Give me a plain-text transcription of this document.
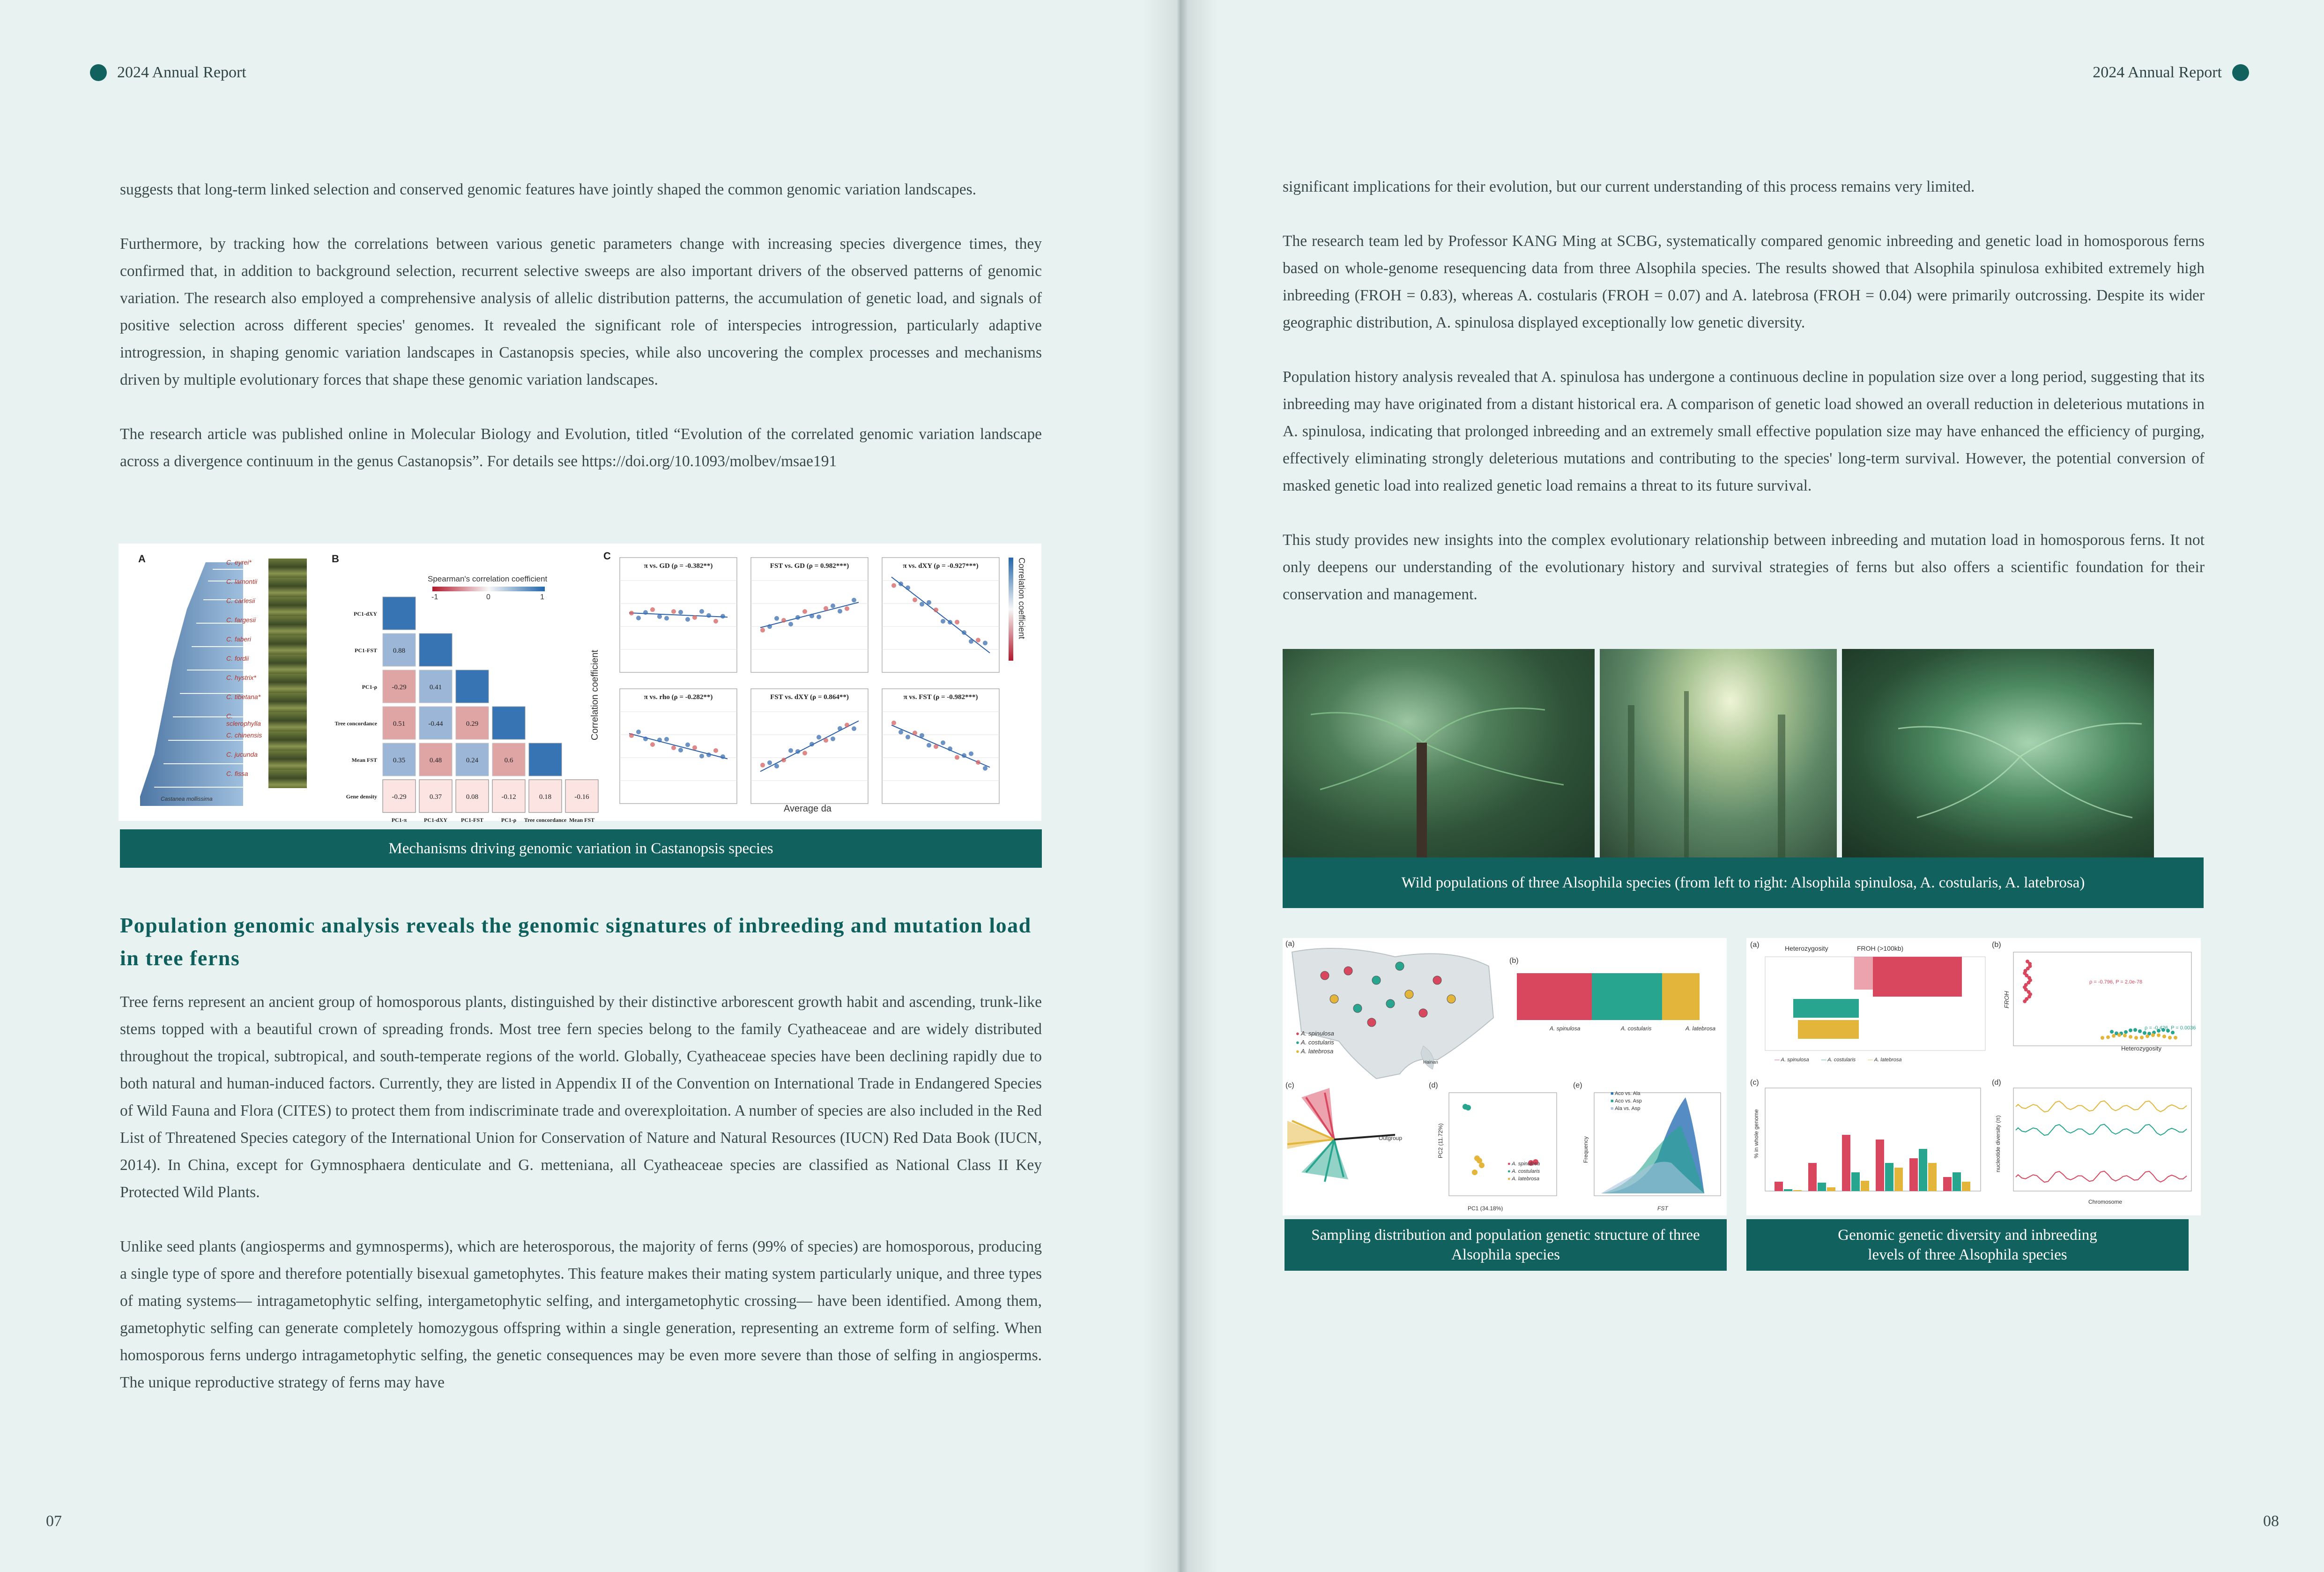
2024 Annual Report

suggests that long-term linked selection and conserved genomic features have jointly shaped the common genomic variation landscapes.

Furthermore, by tracking how the correlations between various genetic parameters change with increasing species divergence times, they confirmed that, in addition to background selection, recurrent selective sweeps are also important drivers of the observed patterns of genomic variation. The research also employed a comprehensive analysis of allelic distribution patterns, the accumulation of genetic load, and signals of positive selection across different species' genomes. It revealed the significant role of interspecies introgression, particularly adaptive introgression, in shaping genomic variation landscapes in Castanopsis species, while also uncovering the complex processes and mechanisms driven by multiple evolutionary forces that shape these genomic variation landscapes.

The research article was published online in Molecular Biology and Evolution, titled “Evolution of the correlated genomic variation landscape across a divergence continuum in the genus Castanopsis”. For details see https://doi.org/10.1093/molbev/msae191

A	B	C
C. eyrei*
C. lamontii
C. carlesii
C. fargesii
C. faberi
C. fordii
C. hystrix*
C. tibetana*
C. sclerophylla
C. chinensis
C. jucunda
C. fissa
Castanea mollissima
Spearman's correlation coefficient
-1	0	1
0.88
-0.29	0.41
0.51	-0.44	0.29
0.35	0.48	0.24	0.6
-0.29	0.37	0.08	-0.12	0.18	-0.16
PC1-dXY
PC1-FST
PC1-ρ
Tree concordance
Mean FST
Gene density
PC1-π	PC1-dXY PC1-FST	PC1-ρ Tree concordance Mean FST
π vs. GD (ρ = -0.382**)	FST vs. GD (ρ = 0.982***)	π vs. dXY (ρ = -0.927***)
π vs. rho (ρ = -0.282**)	FST vs. dXY (ρ = 0.864**)	π vs. FST (ρ = -0.982***)
Correlation coefficient
Average da
Correlation coefficient
Mechanisms driving genomic variation in Castanopsis species
Population genomic analysis reveals the genomic signatures of inbreeding and mutation load in tree ferns

Tree ferns represent an ancient group of homosporous plants, distinguished by their distinctive arborescent growth habit and ascending, trunk-like stems topped with a beautiful crown of spreading fronds. Most tree fern species belong to the family Cyatheaceae and are widely distributed throughout the tropical, subtropical, and south-temperate regions of the world. Globally, Cyatheaceae species have been declining rapidly due to both natural and human-induced factors. Currently, they are listed in Appendix II of the Convention on International Trade in Endangered Species of Wild Fauna and Flora (CITES) to protect them from indiscriminate trade and overexploitation. A number of species are also included in the Red List of Threatened Species category of the International Union for Conservation of Nature and Natural Resources (IUCN) Red Data Book (IUCN, 2014). In China, except for Gymnosphaera denticulate and G. metteniana, all Cyatheaceae species are classified as National Class II Key Protected Wild Plants.

Unlike seed plants (angiosperms and gymnosperms), which are heterosporous, the majority of ferns (99% of species) are homosporous, producing a single type of spore and therefore potentially bisexual gametophytes. This feature makes their mating system particularly unique, and three types of mating systems— intragametophytic selfing, intergametophytic selfing, and intergametophytic crossing— have been identified. Among them, gametophytic selfing can generate completely homozygous offspring within a single generation, representing an extreme form of selfing. When homosporous ferns undergo intragametophytic selfing, the genetic consequences may be even more severe than those of selfing in angiosperms. The unique reproductive strategy of ferns may have

07
2024 Annual Report

significant implications for their evolution, but our current understanding of this process remains very limited.

The research team led by Professor KANG Ming at SCBG, systematically compared genomic inbreeding and genetic load in homosporous ferns based on whole-genome resequencing data from three Alsophila species. The results showed that Alsophila spinulosa exhibited extremely high inbreeding (FROH = 0.83), whereas A. costularis (FROH = 0.07) and A. latebrosa (FROH = 0.04) were primarily outcrossing. Despite its wider geographic distribution, A. spinulosa displayed exceptionally low genetic diversity.

Population history analysis revealed that A. spinulosa has undergone a continuous decline in population size over a long period, suggesting that its inbreeding may have originated from a distant historical era. A comparison of genetic load showed an overall reduction in deleterious mutations in A. spinulosa, indicating that prolonged inbreeding and an extremely small effective population size may have enhanced the efficiency of purging, effectively eliminating strongly deleterious mutations and contributing to the species' long-term survival. However, the potential conversion of masked genetic load into realized genetic load remains a threat to its future survival.

This study provides new insights into the complex evolutionary relationship between inbreeding and mutation load in homosporous ferns. It not only deepens our understanding of the evolutionary history and survival strategies of ferns but also offers a scientific foundation for their conservation and management.

Wild populations of three Alsophila species (from left to right: Alsophila spinulosa, A. costularis, A. latebrosa)
(a)
(b)
(c)	(d)	(e)
Hainan
● A. spinulosa
● A. costularis
● A. latebrosa
A. spinulosa	A. costularis	A. latebrosa
Outgroup
PC1 (34.18%)
PC2 (11.72%)
● A. spinulosa
● A. costularis
● A. latebrosa
■ Aco vs. Ala
■ Aco vs. Asp
■ Ala vs. Asp
FST
Frequency
Sampling distribution and population genetic structure of three Alsophila species
(a)	(b)
(c)	(d)
Heterozygosity	FROH (>100kb)
Heterozygosity
FROH
ρ = -0.796, P = 2.0e-78
ρ = -0.426, P = 0.0036
% in whole genome	nucleotide diversity (π)
Chromosome
— A. spinulosa — A. costularis — A. latebrosa
Genomic genetic diversity and inbreeding levels of three Alsophila species
08
